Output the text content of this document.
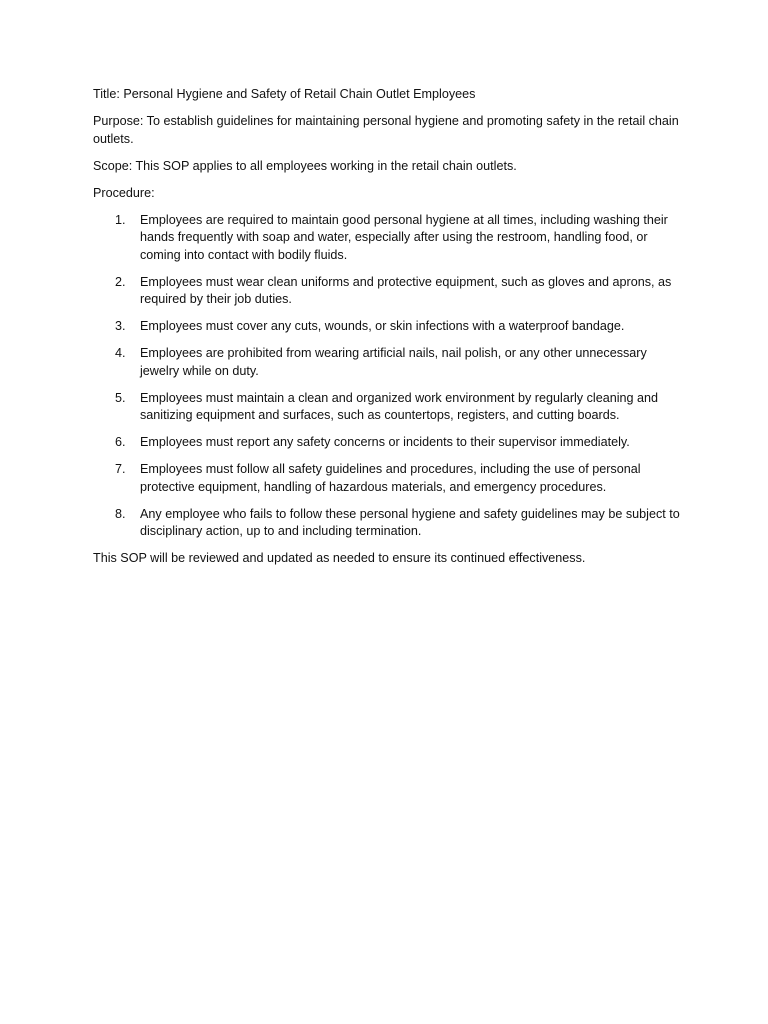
Title: Personal Hygiene and Safety of Retail Chain Outlet Employees

Purpose: To establish guidelines for maintaining personal hygiene and promoting safety in the retail chain outlets.

Scope: This SOP applies to all employees working in the retail chain outlets.

Procedure:

1.	Employees are required to maintain good personal hygiene at all times, including washing their hands frequently with soap and water, especially after using the restroom, handling food, or coming into contact with bodily fluids.
2.	Employees must wear clean uniforms and protective equipment, such as gloves and aprons, as required by their job duties.
3.	Employees must cover any cuts, wounds, or skin infections with a waterproof bandage.
4.	Employees are prohibited from wearing artificial nails, nail polish, or any other unnecessary jewelry while on duty.
5.	Employees must maintain a clean and organized work environment by regularly cleaning and sanitizing equipment and surfaces, such as countertops, registers, and cutting boards.
6.	Employees must report any safety concerns or incidents to their supervisor immediately.
7.	Employees must follow all safety guidelines and procedures, including the use of personal protective equipment, handling of hazardous materials, and emergency procedures.
8.	Any employee who fails to follow these personal hygiene and safety guidelines may be subject to disciplinary action, up to and including termination.

This SOP will be reviewed and updated as needed to ensure its continued effectiveness.
